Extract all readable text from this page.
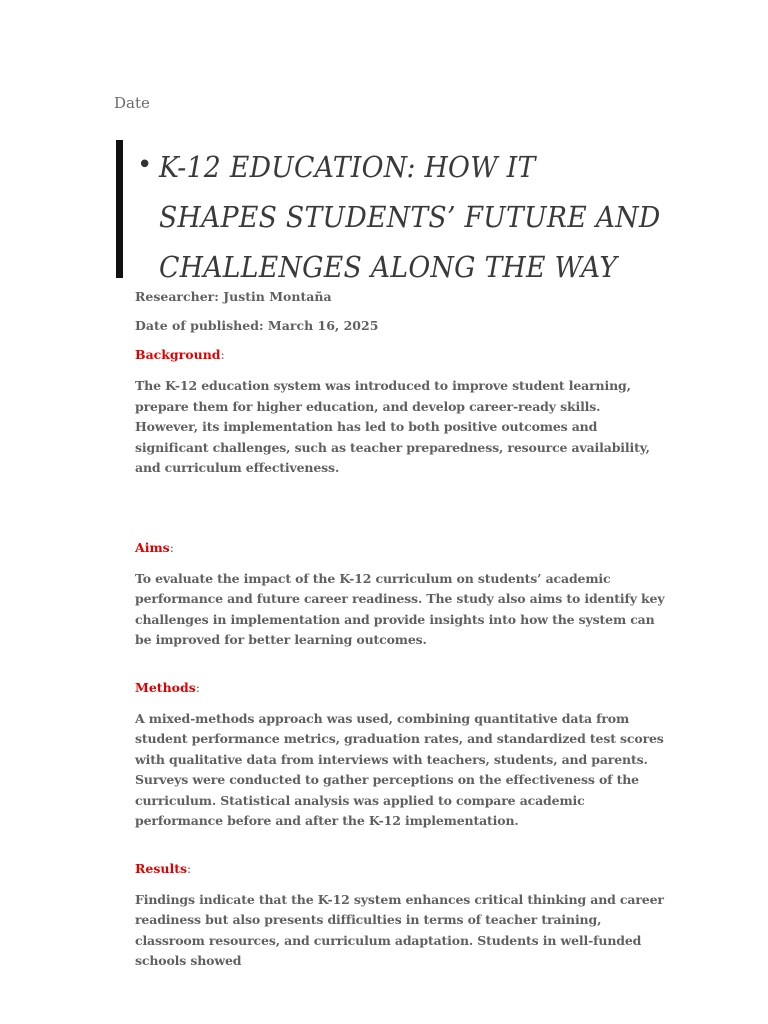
Date

• K-12 EDUCATION: HOW IT
SHAPES STUDENTS’ FUTURE AND
CHALLENGES ALONG THE WAY

Researcher: Justin Montaña

Date of published: March 16, 2025

Background:

The K-12 education system was introduced to improve student learning, prepare them for higher education, and develop career-ready skills. However, its implementation has led to both positive outcomes and significant challenges, such as teacher preparedness, resource availability, and curriculum effectiveness.

Aims:

To evaluate the impact of the K-12 curriculum on students’ academic performance and future career readiness. The study also aims to identify key challenges in implementation and provide insights into how the system can be improved for better learning outcomes.

Methods:

A mixed-methods approach was used, combining quantitative data from student performance metrics, graduation rates, and standardized test scores with qualitative data from interviews with teachers, students, and parents. Surveys were conducted to gather perceptions on the effectiveness of the curriculum. Statistical analysis was applied to compare academic performance before and after the K-12 implementation.

Results:

Findings indicate that the K-12 system enhances critical thinking and career readiness but also presents difficulties in terms of teacher training, classroom resources, and curriculum adaptation. Students in well-funded schools showed
